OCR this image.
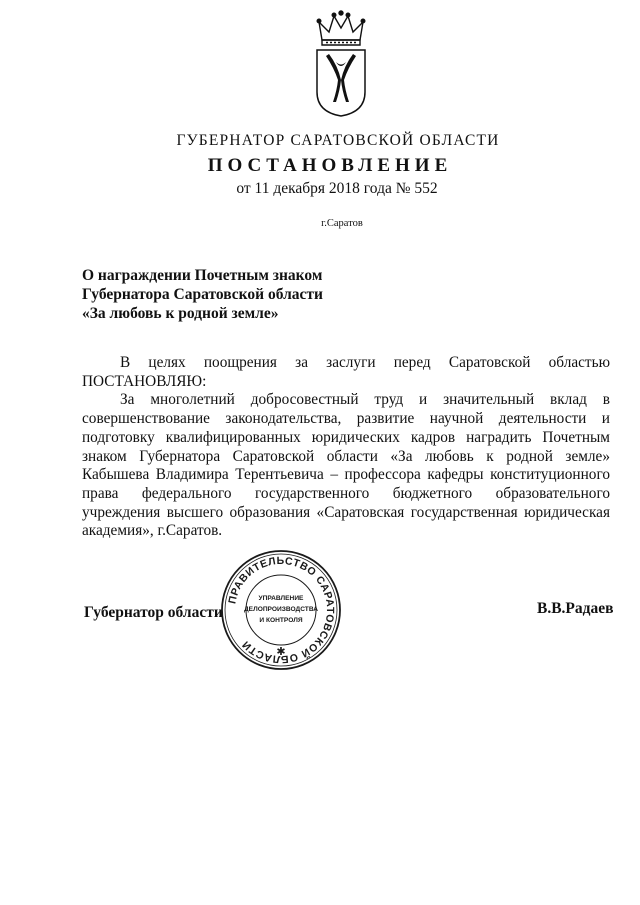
ГУБЕРНАТОР САРАТОВСКОЙ ОБЛАСТИ
ПОСТАНОВЛЕНИЕ
от 11 декабря 2018 года № 552
г.Саратов
О награждении Почетным знаком
Губернатора Саратовской области
«За любовь к родной земле»

В целях поощрения за заслуги перед Саратовской областью ПОСТАНОВЛЯЮ:

За многолетний добросовестный труд и значительный вклад в совершенствование законодательства, развитие научной деятельности и подготовку квалифицированных юридических кадров наградить Почетным знаком Губернатора Саратовской области «За любовь к родной земле» Кабышева Владимира Терентьевича – профессора кафедры конституционного права федерального государственного бюджетного образовательного учреждения высшего образования «Саратовская государственная юридическая академия», г.Саратов.

Губернатор области
ПРАВИТЕЛЬСТВО САРАТОВСКОЙ ОБЛАСТИ
УПРАВЛЕНИЕ
ДЕЛОПРОИЗВОДСТВА
И КОНТРОЛЯ
✱
В.В.Радаев
